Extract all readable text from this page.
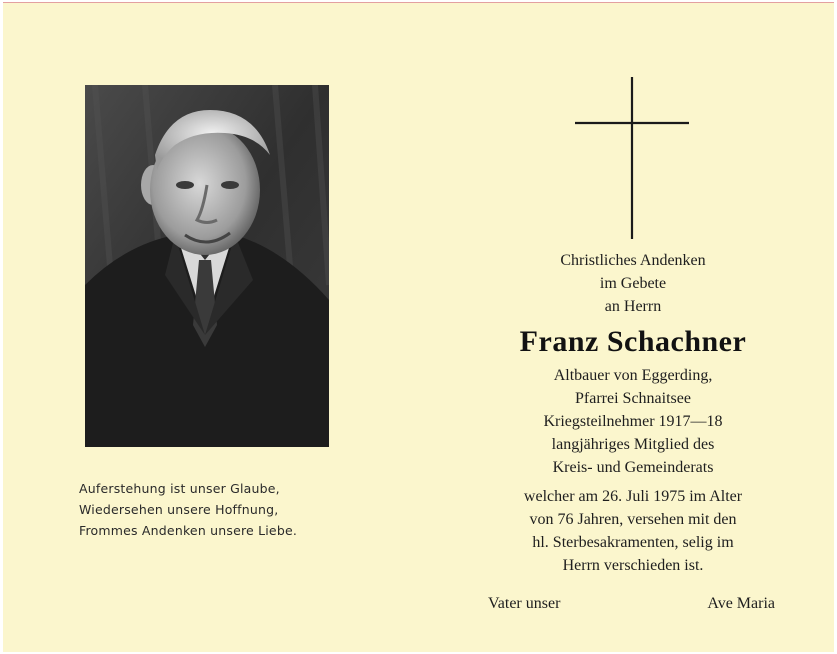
Auferstehung ist unser Glaube,
Wiedersehen unsere Hoffnung,
Frommes Andenken unsere Liebe.
Christliches Andenken
im Gebete
an Herrn
Franz Schachner
Altbauer von Eggerding,
Pfarrei Schnaitsee
Kriegsteilnehmer 1917—18
langjähriges Mitglied des
Kreis- und Gemeinderats
welcher am 26. Juli 1975 im Alter
von 76 Jahren, versehen mit den
hl. Sterbesakramenten, selig im
Herrn verschieden ist.
Vater unser	Ave Maria
